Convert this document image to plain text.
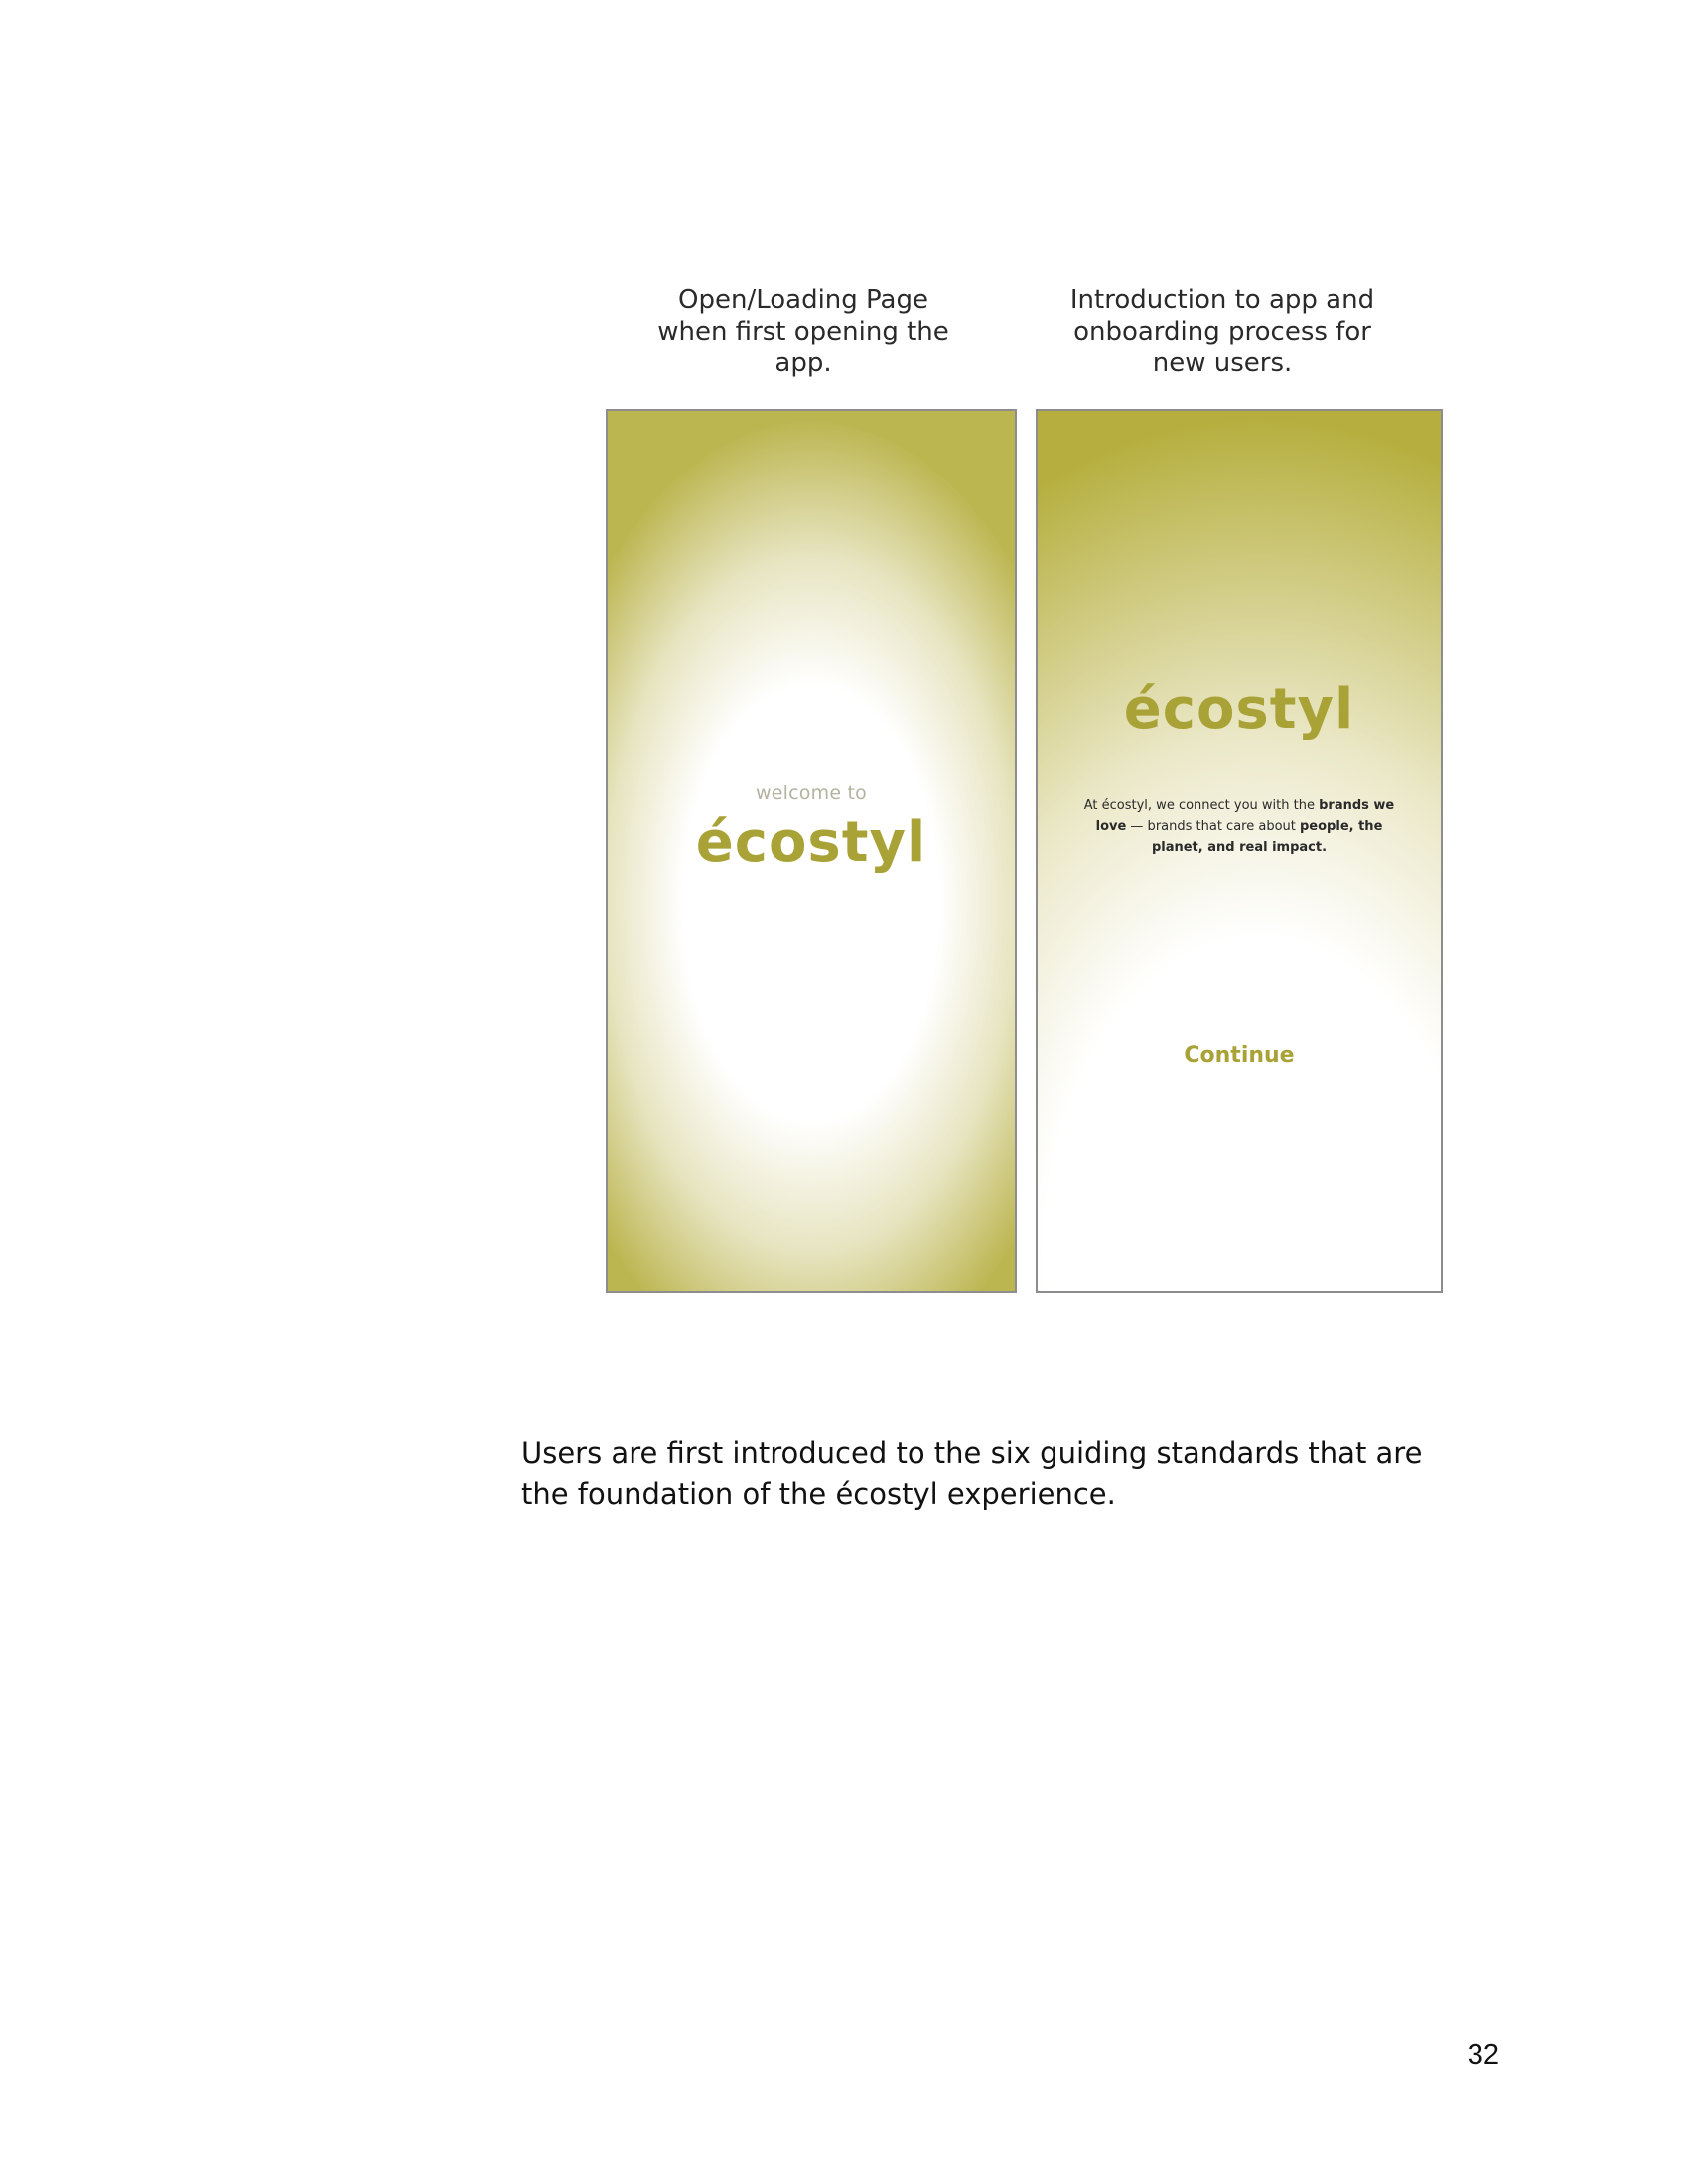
Open/Loading Page when first opening the app.
Introduction to app and onboarding process for new users.
welcome to
écostyl
écostyl
At écostyl, we connect you with the brands we love — brands that care about people, the planet, and real impact.
Continue
Users are first introduced to the six guiding standards that are the foundation of the écostyl experience.
32
